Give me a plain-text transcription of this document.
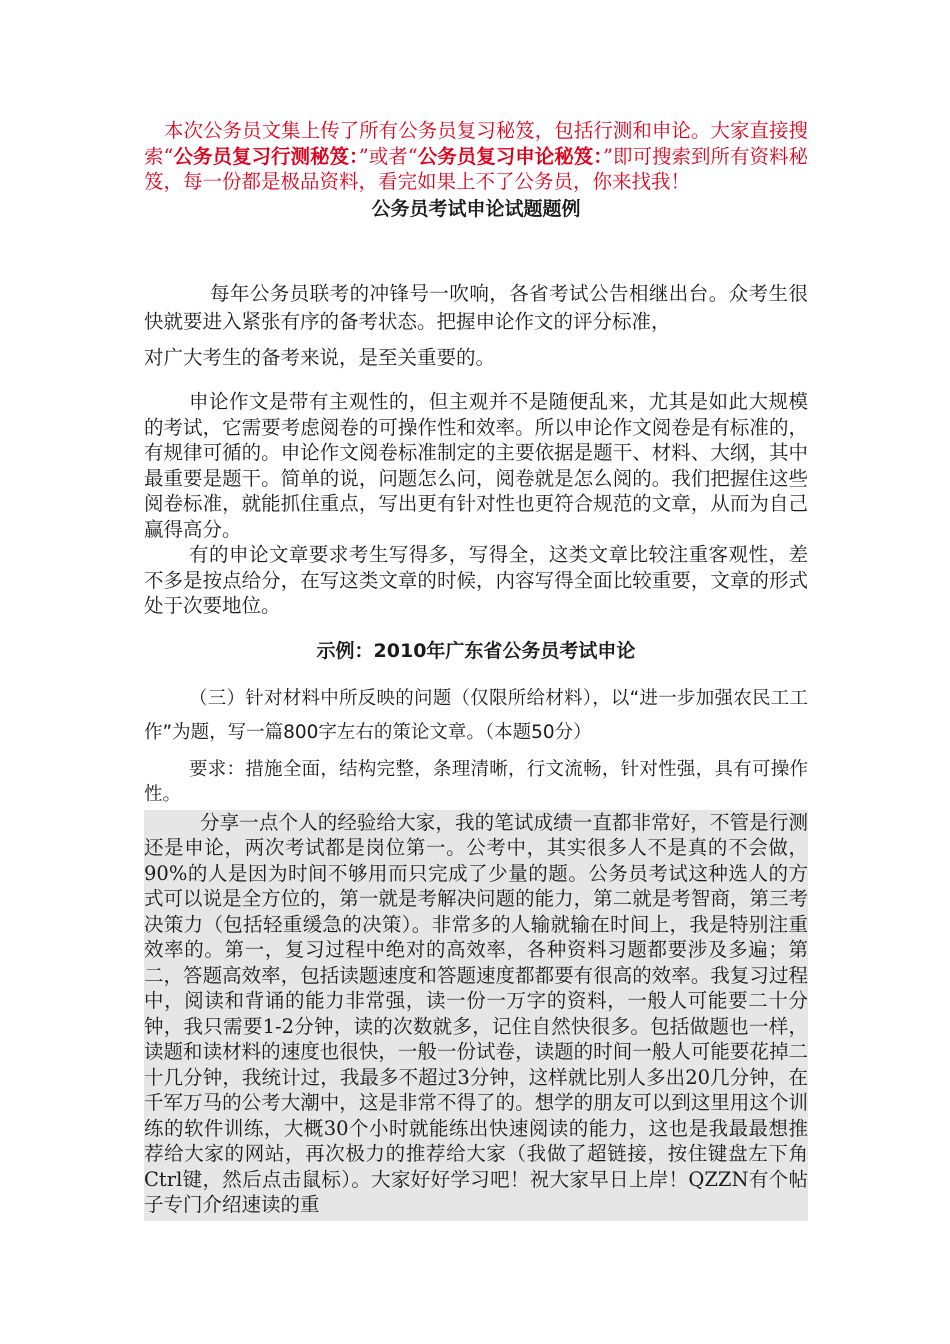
本次公务员文集上传了所有公务员复习秘笈，包括行测和申论。大家直接搜索“公务员复习行测秘笈：”或者“公务员复习申论秘笈：”即可搜索到所有资料秘笈，每一份都是极品资料，看完如果上不了公务员，你来找我！

公务员考试申论试题题例

每年公务员联考的冲锋号一吹响，各省考试公告相继出台。众考生很快就要进入紧张有序的备考状态。把握申论作文的评分标准，

对广大考生的备考来说，是至关重要的。

申论作文是带有主观性的，但主观并不是随便乱来，尤其是如此大规模的考试，它需要考虑阅卷的可操作性和效率。所以申论作文阅卷是有标准的，有规律可循的。申论作文阅卷标准制定的主要依据是题干、材料、大纲，其中最重要是题干。简单的说，问题怎么问，阅卷就是怎么阅的。我们把握住这些阅卷标准，就能抓住重点，写出更有针对性也更符合规范的文章，从而为自己赢得高分。

有的申论文章要求考生写得多，写得全，这类文章比较注重客观性，差不多是按点给分，在写这类文章的时候，内容写得全面比较重要，文章的形式处于次要地位。

示例：2010年广东省公务员考试申论

（三）针对材料中所反映的问题（仅限所给材料），以“进一步加强农民工工作”为题，写一篇800字左右的策论文章。（本题50分）

要求：措施全面，结构完整，条理清晰，行文流畅，针对性强，具有可操作性。

分享一点个人的经验给大家，我的笔试成绩一直都非常好，不管是行测还是申论，两次考试都是岗位第一。公考中，其实很多人不是真的不会做，90%的人是因为时间不够用而只完成了少量的题。公务员考试这种选人的方式可以说是全方位的，第一就是考解决问题的能力，第二就是考智商，第三考决策力（包括轻重缓急的决策）。非常多的人输就输在时间上，我是特别注重效率的。第一，复习过程中绝对的高效率，各种资料习题都要涉及多遍；第二，答题高效率，包括读题速度和答题速度都都要有很高的效率。我复习过程中，阅读和背诵的能力非常强，读一份一万字的资料，一般人可能要二十分钟，我只需要1-2分钟，读的次数就多，记住自然快很多。包括做题也一样，读题和读材料的速度也很快，一般一份试卷，读题的时间一般人可能要花掉二十几分钟，我统计过，我最多不超过3分钟，这样就比别人多出20几分钟，在千军万马的公考大潮中，这是非常不得了的。想学的朋友可以到这里用这个训练的软件训练，大概30个小时就能练出快速阅读的能力，这也是我最最想推荐给大家的网站，再次极力的推荐给大家（我做了超链接，按住键盘左下角Ctrl键，然后点击鼠标）。大家好好学习吧！祝大家早日上岸！QZZN有个帖子专门介绍速读的重
